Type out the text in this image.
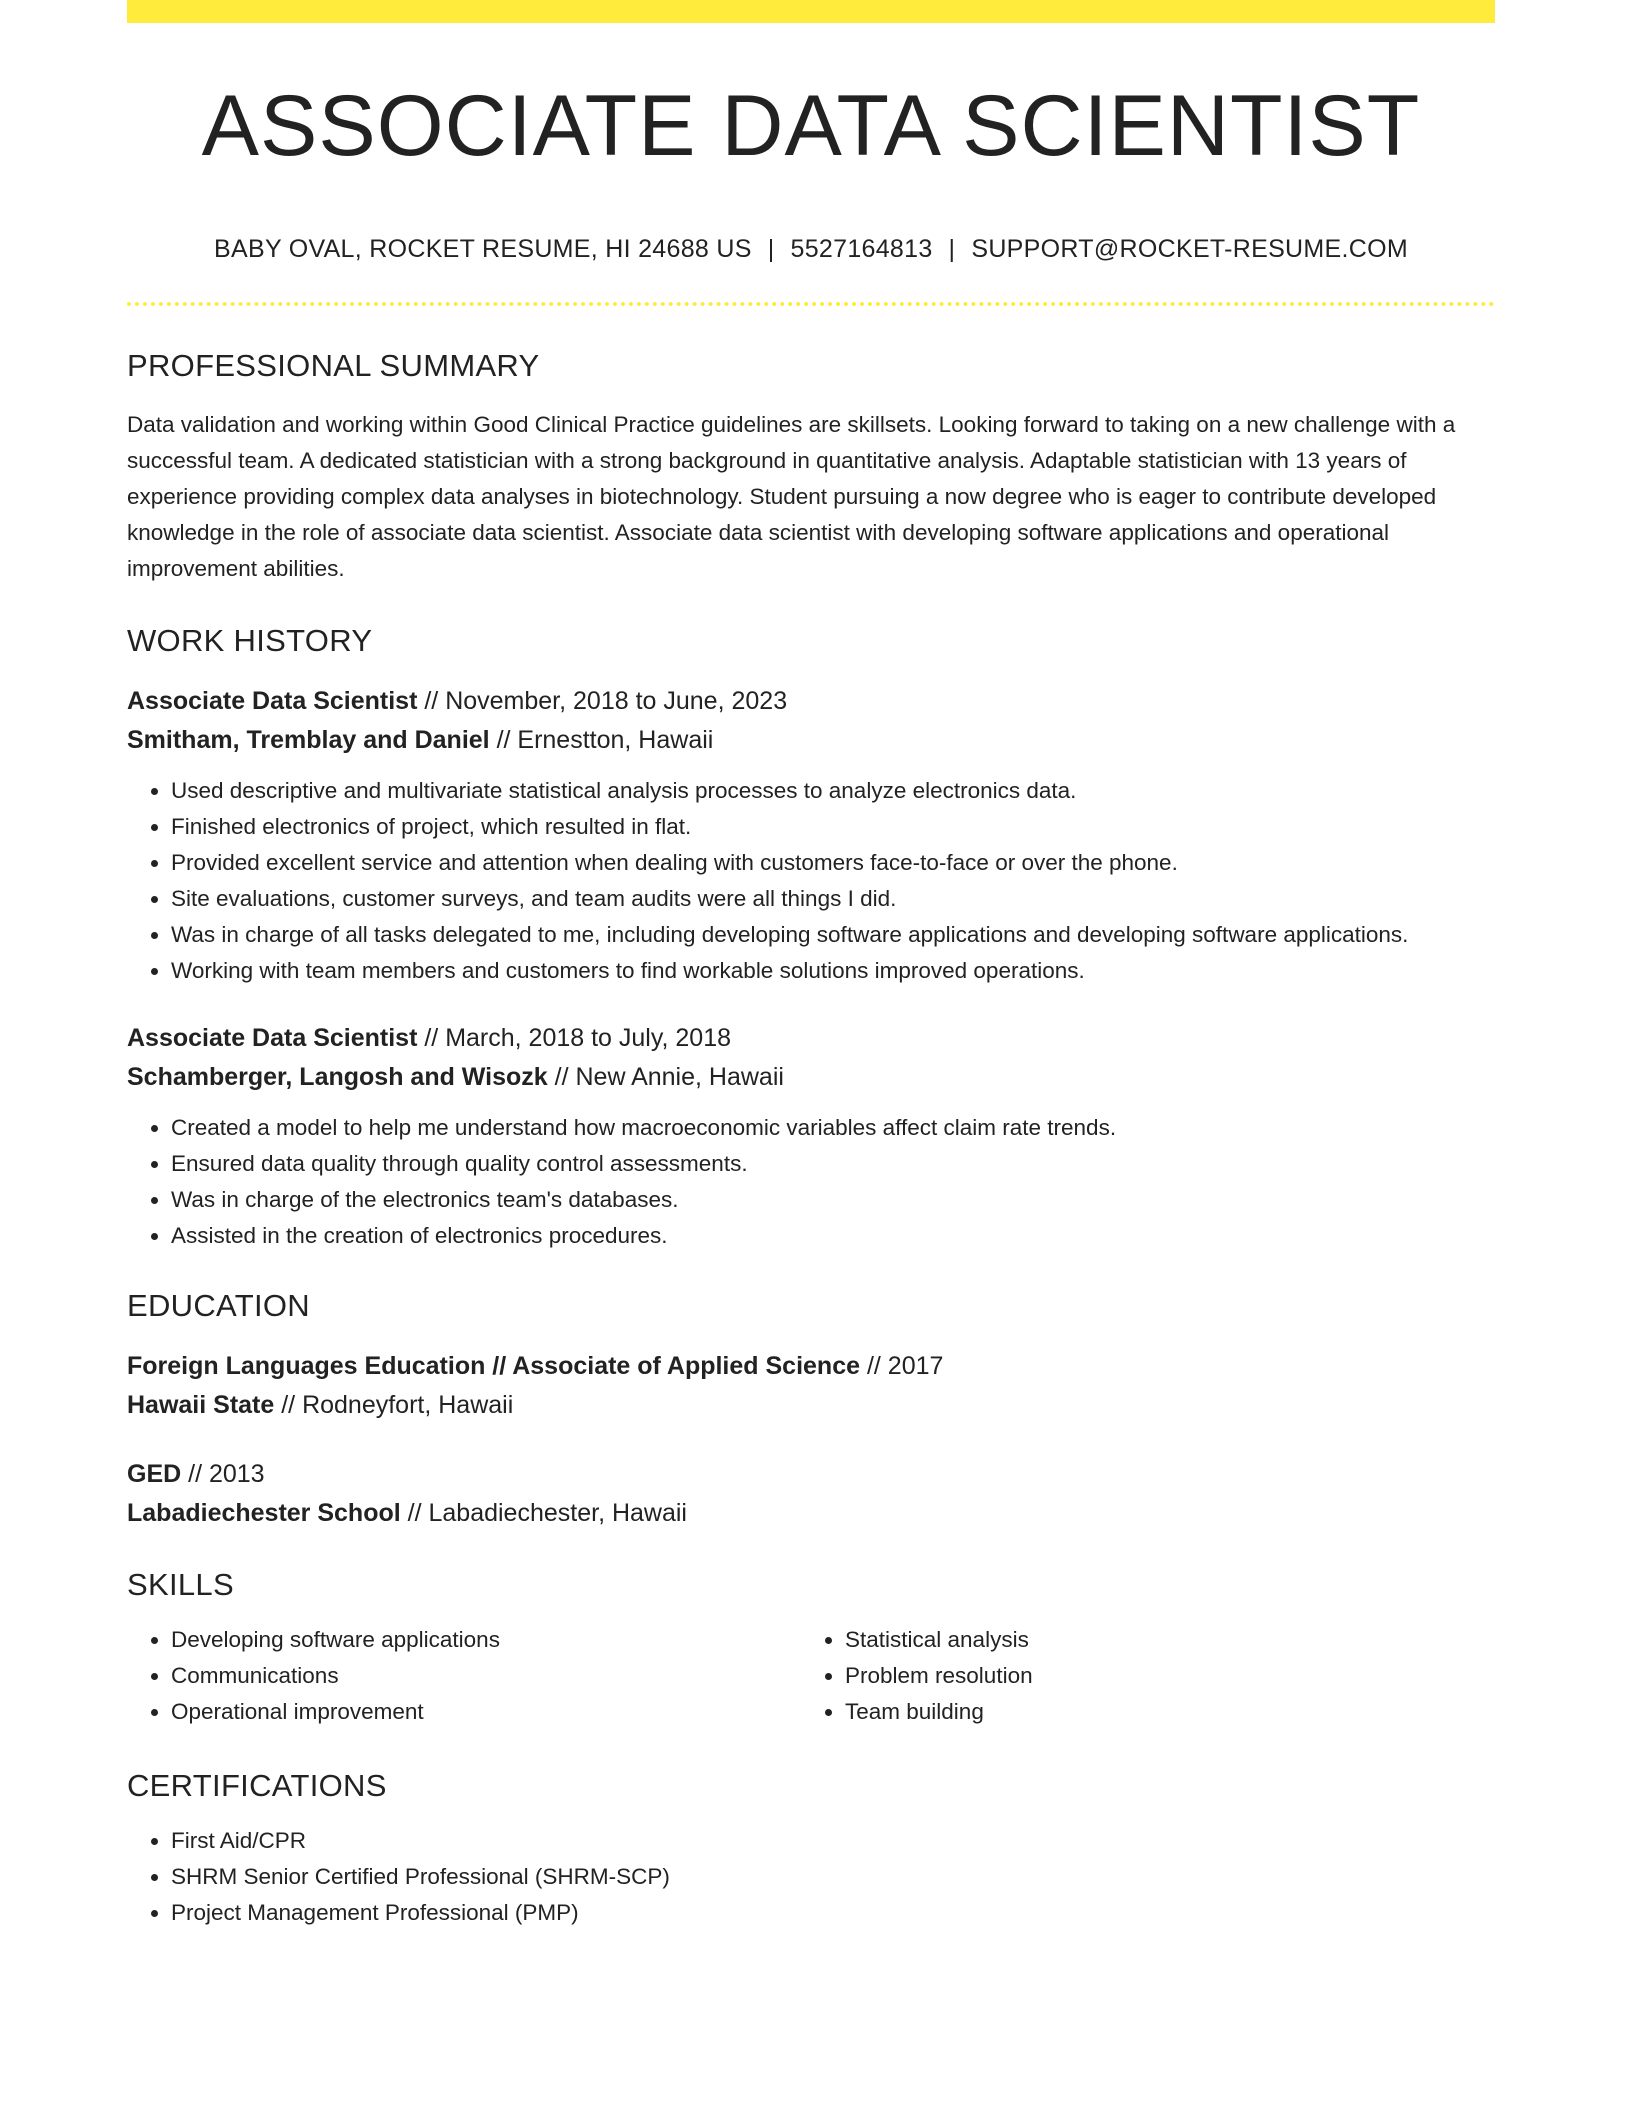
ASSOCIATE DATA SCIENTIST
BABY OVAL, ROCKET RESUME, HI 24688 US | 5527164813 | SUPPORT@ROCKET-RESUME.COM
PROFESSIONAL SUMMARY

Data validation and working within Good Clinical Practice guidelines are skillsets. Looking forward to taking on a new challenge with a successful team. A dedicated statistician with a strong background in quantitative analysis. Adaptable statistician with 13 years of experience providing complex data analyses in biotechnology. Student pursuing a now degree who is eager to contribute developed knowledge in the role of associate data scientist. Associate data scientist with developing software applications and operational improvement abilities.

WORK HISTORY
Associate Data Scientist // November, 2018 to June, 2023
Smitham, Tremblay and Daniel // Ernestton, Hawaii
• Used descriptive and multivariate statistical analysis processes to analyze electronics data.
• Finished electronics of project, which resulted in flat.
• Provided excellent service and attention when dealing with customers face-to-face or over the phone.
• Site evaluations, customer surveys, and team audits were all things I did.
• Was in charge of all tasks delegated to me, including developing software applications and developing software applications.
• Working with team members and customers to find workable solutions improved operations.
Associate Data Scientist // March, 2018 to July, 2018
Schamberger, Langosh and Wisozk // New Annie, Hawaii
• Created a model to help me understand how macroeconomic variables affect claim rate trends.
• Ensured data quality through quality control assessments.
• Was in charge of the electronics team's databases.
• Assisted in the creation of electronics procedures.
EDUCATION
Foreign Languages Education // Associate of Applied Science // 2017
Hawaii State // Rodneyfort, Hawaii
GED // 2013
Labadiechester School // Labadiechester, Hawaii
SKILLS
• Developing software applications
• Communications
• Operational improvement
• Statistical analysis
• Problem resolution
• Team building
CERTIFICATIONS
• First Aid/CPR
• SHRM Senior Certified Professional (SHRM-SCP)
• Project Management Professional (PMP)
